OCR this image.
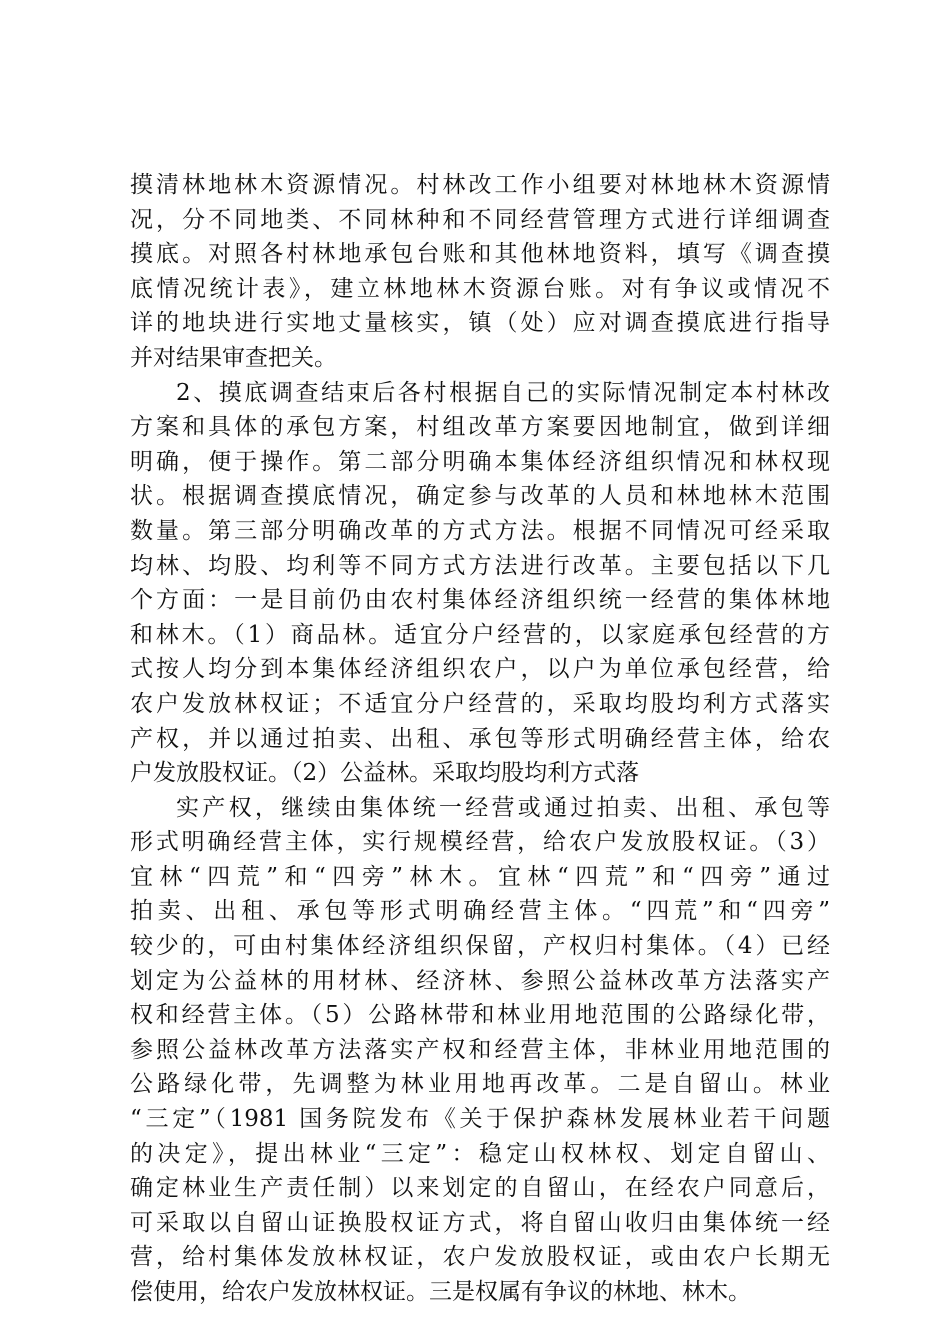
摸清林地林木资源情况。村林改工作小组要对林地林木资源情
况，分不同地类、不同林种和不同经营管理方式进行详细调查
摸底。对照各村林地承包台账和其他林地资料，填写《调查摸
底情况统计表》，建立林地林木资源台账。对有争议或情况不
详的地块进行实地丈量核实，镇（处）应对调查摸底进行指导
并对结果审查把关。
2、摸底调查结束后各村根据自己的实际情况制定本村林改
方案和具体的承包方案，村组改革方案要因地制宜，做到详细
明确，便于操作。第二部分明确本集体经济组织情况和林权现
状。根据调查摸底情况，确定参与改革的人员和林地林木范围
数量。第三部分明确改革的方式方法。根据不同情况可经采取
均林、均股、均利等不同方式方法进行改革。主要包括以下几
个方面：一是目前仍由农村集体经济组织统一经营的集体林地
和林木。（1）商品林。适宜分户经营的，以家庭承包经营的方
式按人均分到本集体经济组织农户，以户为单位承包经营，给
农户发放林权证；不适宜分户经营的，采取均股均利方式落实
产权，并以通过拍卖、出租、承包等形式明确经营主体，给农
户发放股权证。（2）公益林。采取均股均利方式落
实产权，继续由集体统一经营或通过拍卖、出租、承包等
形式明确经营主体，实行规模经营，给农户发放股权证。（3）
宜林“四荒”和“四旁”林木。宜林“四荒”和“四旁”通过
拍卖、出租、承包等形式明确经营主体。“四荒”和“四旁”
较少的，可由村集体经济组织保留，产权归村集体。（4）已经
划定为公益林的用材林、经济林、参照公益林改革方法落实产
权和经营主体。（5）公路林带和林业用地范围的公路绿化带，
参照公益林改革方法落实产权和经营主体，非林业用地范围的
公路绿化带，先调整为林业用地再改革。二是自留山。林业
“三定”（1981 国务院发布《关于保护森林发展林业若干问题
的决定》，提出林业“三定”：稳定山权林权、划定自留山、
确定林业生产责任制）以来划定的自留山，在经农户同意后，
可采取以自留山证换股权证方式，将自留山收归由集体统一经
营，给村集体发放林权证，农户发放股权证，或由农户长期无
偿使用，给农户发放林权证。三是权属有争议的林地、林木。
